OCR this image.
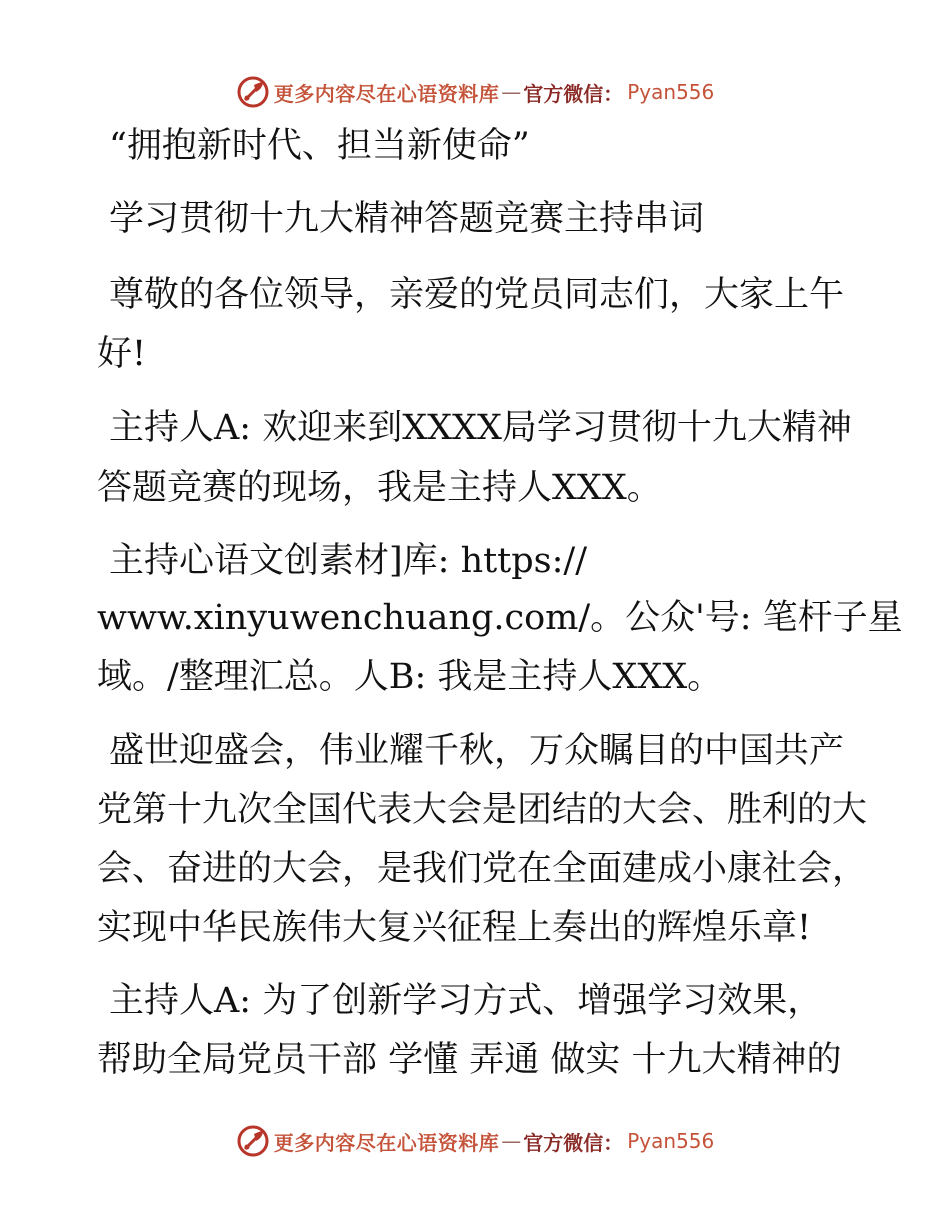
更多内容尽在心语资料库 — 官方微信： Pyan556
“拥抱新时代、担当新使命”
学习贯彻十九大精神答题竞赛主持串词
尊敬的各位领导，亲爱的党员同志们，大家上午
好!
主持人A: 欢迎来到XXXX局学习贯彻十九大精神
答题竞赛的现场，我是主持人XXX。
主持心语文创素材]库: https://
www.xinyuwenchuang.com/。公众'号: 笔杆子星
域。/整理汇总。人B: 我是主持人XXX。
盛世迎盛会，伟业耀千秋，万众瞩目的中国共产
党第十九次全国代表大会是团结的大会、胜利的大
会、奋进的大会，是我们党在全面建成小康社会，
实现中华民族伟大复兴征程上奏出的辉煌乐章!
主持人A: 为了创新学习方式、增强学习效果，
帮助全局党员干部 学懂 弄通 做实 十九大精神的
更多内容尽在心语资料库 — 官方微信： Pyan556
